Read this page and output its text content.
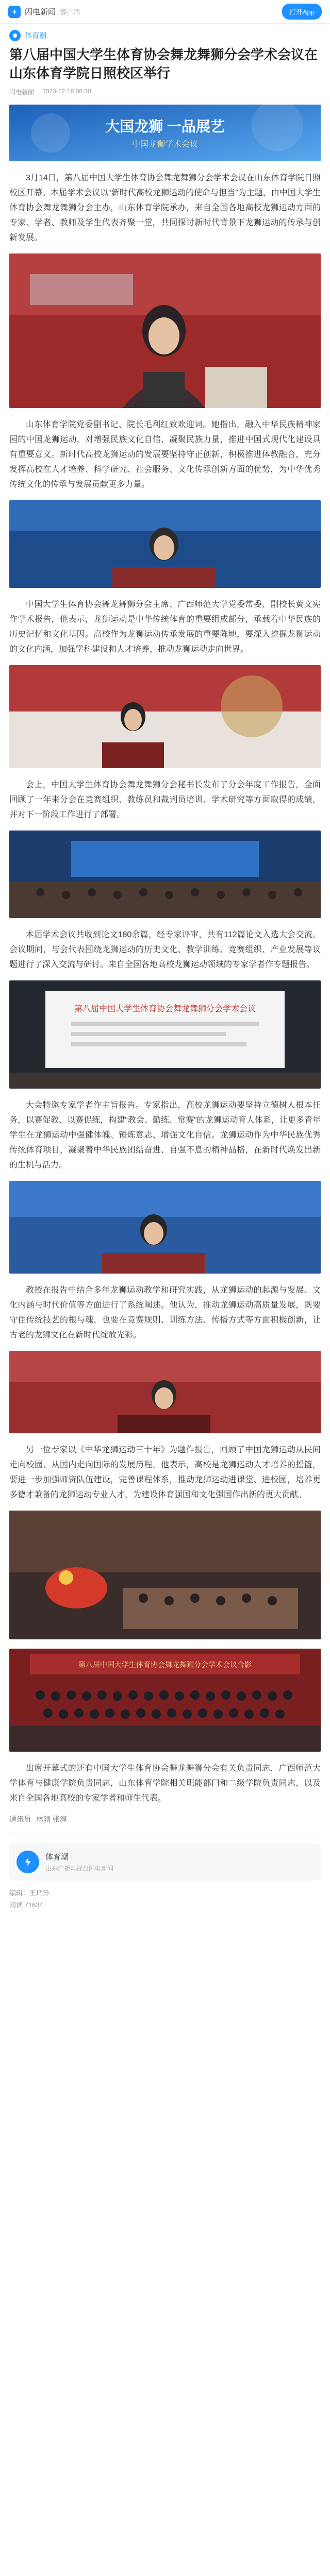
闪电新闻 客户端	打开App
体育潮
第八届中国大学生体育协会舞龙舞狮分会学术会议在山东体育学院日照校区举行
闪电新闻 2023-12-16 08:30
大国龙狮 一品展艺
中国龙狮学术会议

3月14日，第八届中国大学生体育协会舞龙舞狮分会学术会议在山东体育学院日照校区开幕。本届学术会议以“新时代高校龙狮运动的使命与担当”为主题，由中国大学生体育协会舞龙舞狮分会主办，山东体育学院承办，来自全国各地高校龙狮运动方面的专家、学者、教师及学生代表齐聚一堂，共同探讨新时代背景下龙狮运动的传承与创新发展。

山东体育学院党委副书记、院长毛利红致欢迎词。她指出，融入中华民族精神家园的中国龙狮运动，对增强民族文化自信、凝聚民族力量，推进中国式现代化建设具有重要意义。新时代高校龙狮运动的发展要坚持守正创新，积极推进体教融合，充分发挥高校在人才培养、科学研究、社会服务、文化传承创新方面的优势，为中华优秀传统文化的传承与发展贡献更多力量。

中国大学生体育协会舞龙舞狮分会主席、广西师范大学党委常委、副校长黄文宪作学术报告，他表示，龙狮运动是中华传统体育的重要组成部分，承载着中华民族的历史记忆和文化基因。高校作为龙狮运动传承发展的重要阵地，要深入挖掘龙狮运动的文化内涵，加强学科建设和人才培养，推动龙狮运动走向世界。

会上，中国大学生体育协会舞龙舞狮分会秘书长发布了分会年度工作报告，全面回顾了一年来分会在竞赛组织、教练员和裁判员培训、学术研究等方面取得的成绩，并对下一阶段工作进行了部署。

本届学术会议共收到论文180余篇，经专家评审，共有112篇论文入选大会交流。会议期间，与会代表围绕龙狮运动的历史文化、教学训练、竞赛组织、产业发展等议题进行了深入交流与研讨。来自全国各地高校龙狮运动领域的专家学者作专题报告。

第八届中国大学生体育协会舞龙舞狮分会学术会议

大会特邀专家学者作主旨报告。专家指出，高校龙狮运动要坚持立德树人根本任务，以赛促教、以赛促练，构建“教会、勤练、常赛”的龙狮运动育人体系，让更多青年学生在龙狮运动中强健体魄、锤炼意志、增强文化自信。龙狮运动作为中华民族优秀传统体育项目，凝聚着中华民族团结奋进、自强不息的精神品格，在新时代焕发出新的生机与活力。

教授在报告中结合多年龙狮运动教学和研究实践，从龙狮运动的起源与发展、文化内涵与时代价值等方面进行了系统阐述。他认为，推动龙狮运动高质量发展，既要守住传统技艺的根与魂，也要在竞赛规则、训练方法、传播方式等方面积极创新，让古老的龙狮文化在新时代绽放光彩。

另一位专家以《中华龙狮运动三十年》为题作报告，回顾了中国龙狮运动从民间走向校园、从国内走向国际的发展历程。他表示，高校是龙狮运动人才培养的摇篮，要进一步加强师资队伍建设，完善课程体系，推动龙狮运动进课堂、进校园，培养更多德才兼备的龙狮运动专业人才，为建设体育强国和文化强国作出新的更大贡献。

第八届中国大学生体育协会舞龙舞狮分会学术会议合影

出席开幕式的还有中国大学生体育协会舞龙舞狮分会有关负责同志，广西师范大学体育与健康学院负责同志，山东体育学院相关职能部门和二级学院负责同志，以及来自全国各地高校的专家学者和师生代表。

通讯员 林颖 张淳
体育潮
山东广播电视台闪电新闻

编辑：王瑞洋

阅读 71634
